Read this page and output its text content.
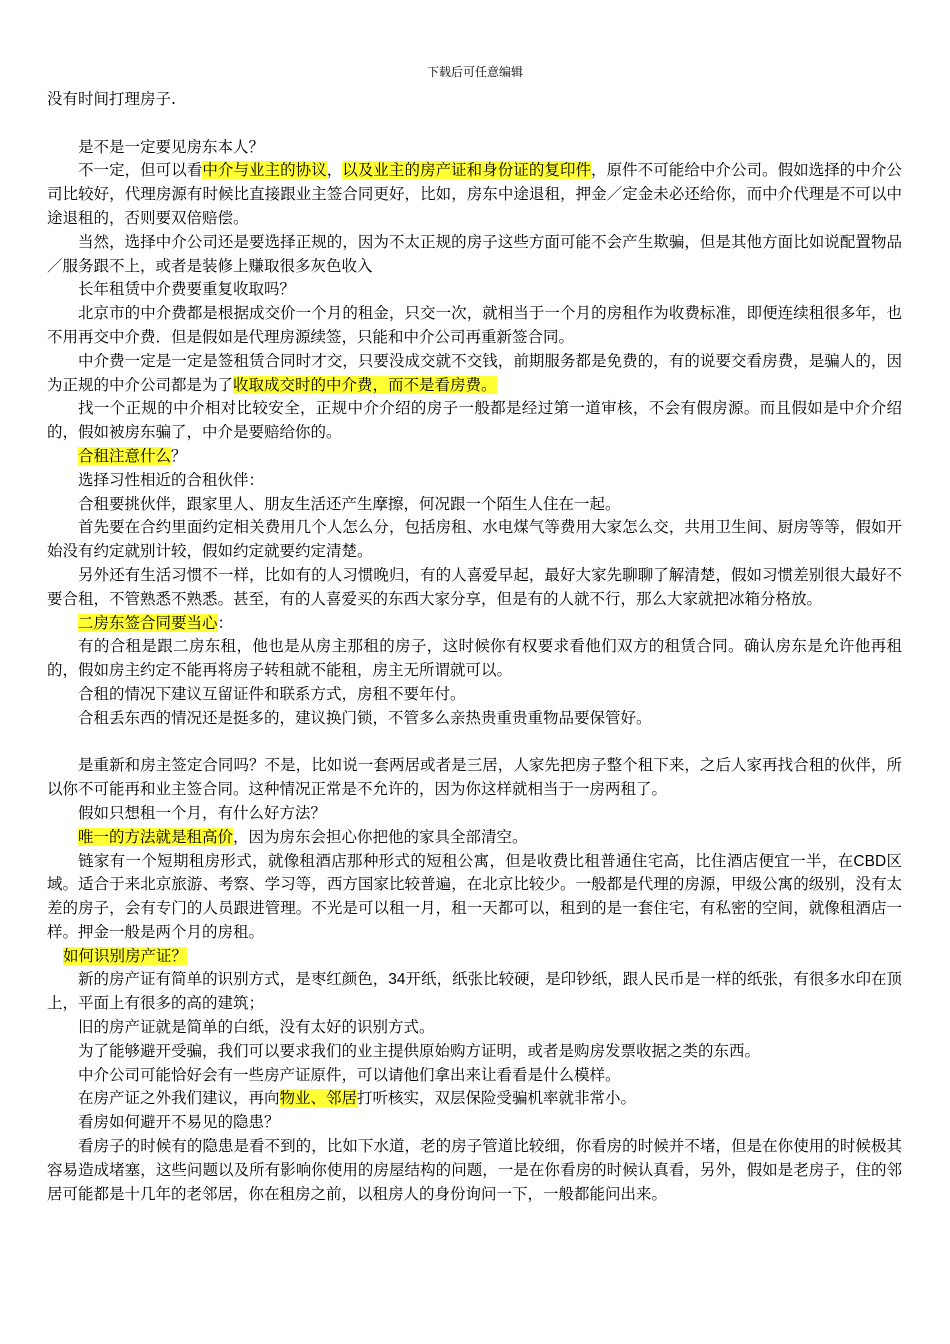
下载后可任意编辑

没有时间打理房子.

是不是一定要见房东本人？

不一定，但可以看中介与业主的协议，以及业主的房产证和身份证的复印件，原件不可能给中介公司。假如选择的中介公司比较好，代理房源有时候比直接跟业主签合同更好，比如，房东中途退租，押金／定金未必还给你，而中介代理是不可以中途退租的，否则要双倍赔偿。

当然，选择中介公司还是要选择正规的，因为不太正规的房子这些方面可能不会产生欺骗，但是其他方面比如说配置物品／服务跟不上，或者是装修上赚取很多灰色收入

长年租赁中介费要重复收取吗？

北京市的中介费都是根据成交价一个月的租金，只交一次，就相当于一个月的房租作为收费标准，即便连续租很多年，也不用再交中介费．但是假如是代理房源续签，只能和中介公司再重新签合同。

中介费一定是一定是签租赁合同时才交，只要没成交就不交钱，前期服务都是免费的，有的说要交看房费，是骗人的，因为正规的中介公司都是为了收取成交时的中介费，而不是看房费。

找一个正规的中介相对比较安全，正规中介介绍的房子一般都是经过第一道审核，不会有假房源。而且假如是中介介绍的，假如被房东骗了，中介是要赔给你的。

合租注意什么？

选择习性相近的合租伙伴：

合租要挑伙伴，跟家里人、朋友生活还产生摩擦，何况跟一个陌生人住在一起。

首先要在合约里面约定相关费用几个人怎么分，包括房租、水电煤气等费用大家怎么交，共用卫生间、厨房等等，假如开始没有约定就别计较，假如约定就要约定清楚。

另外还有生活习惯不一样，比如有的人习惯晚归，有的人喜爱早起，最好大家先聊聊了解清楚，假如习惯差别很大最好不要合租，不管熟悉不熟悉。甚至，有的人喜爱买的东西大家分享，但是有的人就不行，那么大家就把冰箱分格放。

二房东签合同要当心：

有的合租是跟二房东租，他也是从房主那租的房子，这时候你有权要求看他们双方的租赁合同。确认房东是允许他再租的，假如房主约定不能再将房子转租就不能租，房主无所谓就可以。

合租的情况下建议互留证件和联系方式，房租不要年付。

合租丢东西的情况还是挺多的，建议换门锁，不管多么亲热贵重贵重物品要保管好。

是重新和房主签定合同吗？不是，比如说一套两居或者是三居，人家先把房子整个租下来，之后人家再找合租的伙伴，所以你不可能再和业主签合同。这种情况正常是不允许的，因为你这样就相当于一房两租了。

假如只想租一个月，有什么好方法？

唯一的方法就是租高价，因为房东会担心你把他的家具全部清空。

链家有一个短期租房形式，就像租酒店那种形式的短租公寓，但是收费比租普通住宅高，比住酒店便宜一半，在CBD区域。适合于来北京旅游、考察、学习等，西方国家比较普遍，在北京比较少。一般都是代理的房源，甲级公寓的级别，没有太差的房子，会有专门的人员跟进管理。不光是可以租一月，租一天都可以，租到的是一套住宅，有私密的空间，就像租酒店一样。押金一般是两个月的房租。

如何识别房产证？

新的房产证有简单的识别方式，是枣红颜色，34开纸，纸张比较硬，是印钞纸，跟人民币是一样的纸张，有很多水印在顶上，平面上有很多的高的建筑；

旧的房产证就是简单的白纸，没有太好的识别方式。

为了能够避开受骗，我们可以要求我们的业主提供原始购方证明，或者是购房发票收据之类的东西。

中介公司可能恰好会有一些房产证原件，可以请他们拿出来让看看是什么模样。

在房产证之外我们建议，再向物业、邻居打听核实，双层保险受骗机率就非常小。

看房如何避开不易见的隐患？

看房子的时候有的隐患是看不到的，比如下水道，老的房子管道比较细，你看房的时候并不堵，但是在你使用的时候极其容易造成堵塞，这些问题以及所有影响你使用的房屋结构的问题，一是在你看房的时候认真看，另外，假如是老房子，住的邻居可能都是十几年的老邻居，你在租房之前，以租房人的身份询问一下，一般都能问出来。
